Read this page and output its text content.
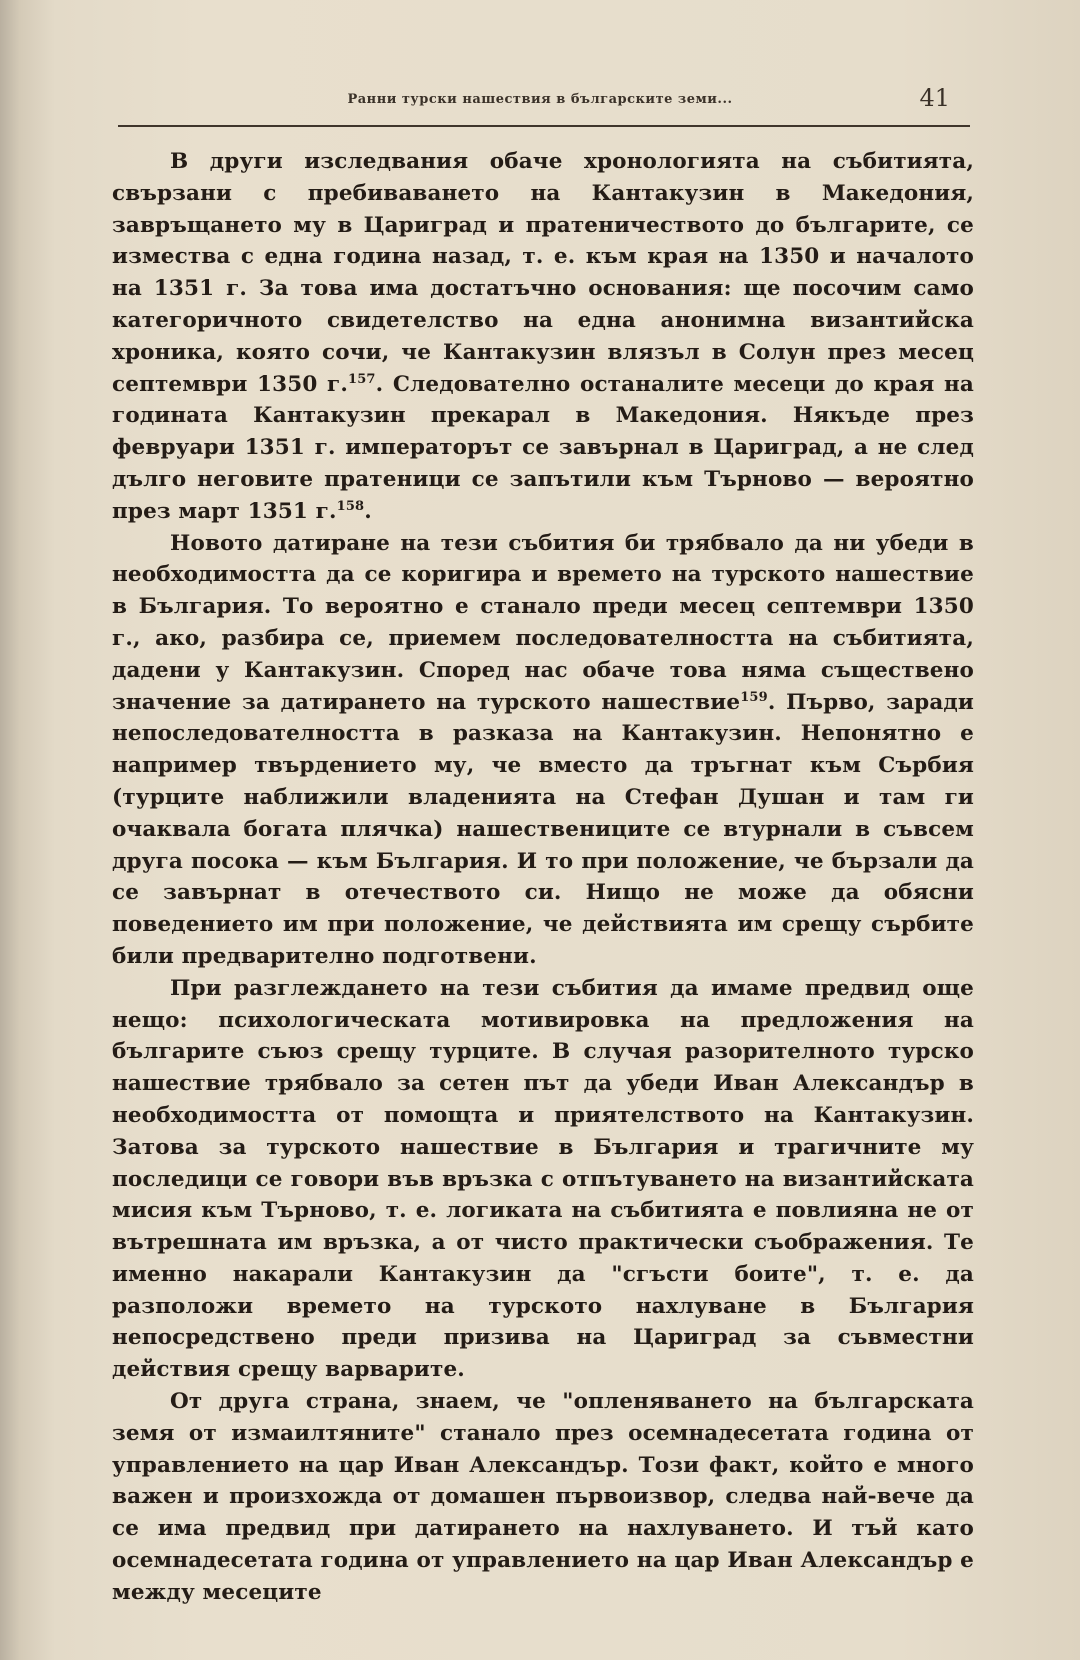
Ранни турски нашествия в българските земи...	41

В други изследвания обаче хронологията на събитията, свързани с пребиваването на Кантакузин в Македония, завръщането му в Цариград и пратеничеството до българите, се измества с една година назад, т. е. към края на 1350 и началото на 1351 г. За това има достатъчно основания: ще посочим само категоричното свидетелство на една анонимна византийска хроника, която сочи, че Кантакузин влязъл в Солун през месец септември 1350 г.$^{157}$. Следователно останалите месеци до края на годината Кантакузин прекарал в Македония. Някъде през февруари 1351 г. императорът се завърнал в Цариград, а не след дълго неговите пратеници се запътили към Търново — вероятно през март 1351 г.$^{158}$.

Новото датиране на тези събития би трябвало да ни убеди в необходимостта да се коригира и времето на турското нашествие в България. То вероятно е станало преди месец септември 1350 г., ако, разбира се, приемем последователността на събитията, дадени у Кантакузин. Според нас обаче това няма съществено значение за датирането на турското нашествие$^{159}$. Първо, заради непоследователността в разказа на Кантакузин. Непонятно е например твърдението му, че вместо да тръгнат към Сърбия (турците наближили владенията на Стефан Душан и там ги очаквала богата плячка) нашествениците се втурнали в съвсем друга посока — към България. И то при положение, че бързали да се завърнат в отечеството си. Нищо не може да обясни поведението им при положение, че действията им срещу сърбите били предварително подготвени.

При разглеждането на тези събития да имаме предвид още нещо: психологическата мотивировка на предложения на българите съюз срещу турците. В случая разорителното турско нашествие трябвало за сетен път да убеди Иван Александър в необходимостта от помощта и приятелството на Кантакузин. Затова за турското нашествие в България и трагичните му последици се говори във връзка с отпътуването на византийската мисия към Търново, т. е. логиката на събитията е повлияна не от вътрешната им връзка, а от чисто практически съображения. Те именно накарали Кантакузин да "сгъсти боите", т. е. да разположи времето на турското нахлуване в България непосредствено преди призива на Цариград за съвместни действия срещу варварите.

От друга страна, знаем, че "опленяването на българската земя от измаилтяните" станало през осемнадесетата година от управлението на цар Иван Александър. Този факт, който е много важен и произхожда от домашен първоизвор, следва най-вече да се има предвид при датирането на нахлуването. И тъй като осемнадесетата година от управлението на цар Иван Александър е между месеците
